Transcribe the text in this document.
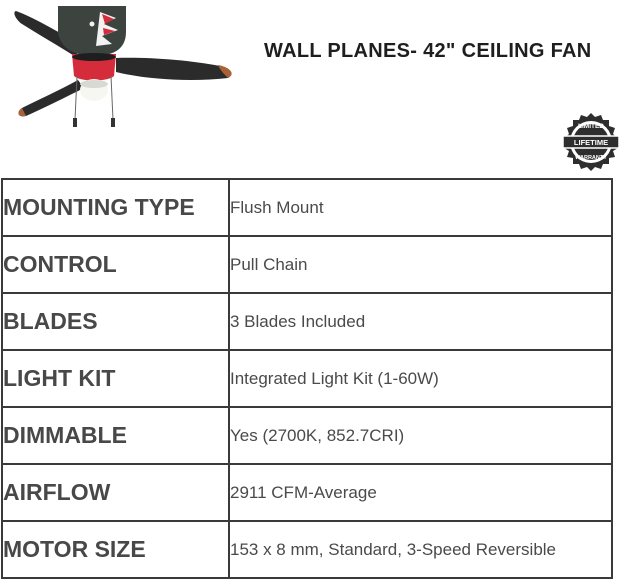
WALL PLANES- 42" CEILING FAN
LIMITED
LIFETIME
WARRANTY
MOUNTING TYPE	Flush Mount
CONTROL	Pull Chain
BLADES	3 Blades Included
LIGHT KIT	Integrated Light Kit (1-60W)
DIMMABLE	Yes (2700K, 852.7CRI)
AIRFLOW	2911 CFM-Average
MOTOR SIZE	153 x 8 mm, Standard, 3-Speed Reversible
